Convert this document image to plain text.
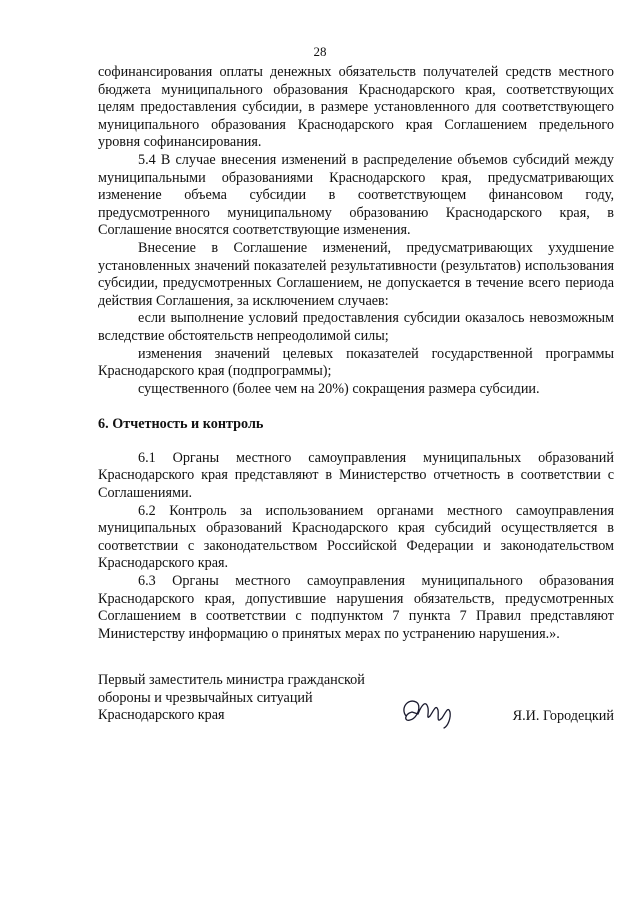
28

софинансирования оплаты денежных обязательств получателей средств местного бюджета муниципального образования Краснодарского края, соответствующих целям предоставления субсидии, в размере установленного для соответствующего муниципального образования Краснодарского края Соглашением предельного уровня софинансирования.

5.4 В случае внесения изменений в распределение объемов субсидий между муниципальными образованиями Краснодарского края, предусматривающих изменение объема субсидии в соответствующем финансовом году, предусмотренного муниципальному образованию Краснодарского края, в Соглашение вносятся соответствующие изменения.

Внесение в Соглашение изменений, предусматривающих ухудшение установленных значений показателей результативности (результатов) использования субсидии, предусмотренных Соглашением, не допускается в течение всего периода действия Соглашения, за исключением случаев:

если выполнение условий предоставления субсидии оказалось невозможным вследствие обстоятельств непреодолимой силы;

изменения значений целевых показателей государственной программы Краснодарского края (подпрограммы);

существенного (более чем на 20%) сокращения размера субсидии.

6. Отчетность и контроль

6.1 Органы местного самоуправления муниципальных образований Краснодарского края представляют в Министерство отчетность в соответствии с Соглашениями.

6.2 Контроль за использованием органами местного самоуправления муниципальных образований Краснодарского края субсидий осуществляется в соответствии с законодательством Российской Федерации и законодательством Краснодарского края.

6.3 Органы местного самоуправления муниципального образования Краснодарского края, допустившие нарушения обязательств, предусмотренных Соглашением в соответствии с подпунктом 7 пункта 7 Правил представляют Министерству информацию о принятых мерах по устранению нарушения.».

Первый заместитель министра гражданской
обороны и чрезвычайных ситуаций
Краснодарского края	Я.И. Городецкий
